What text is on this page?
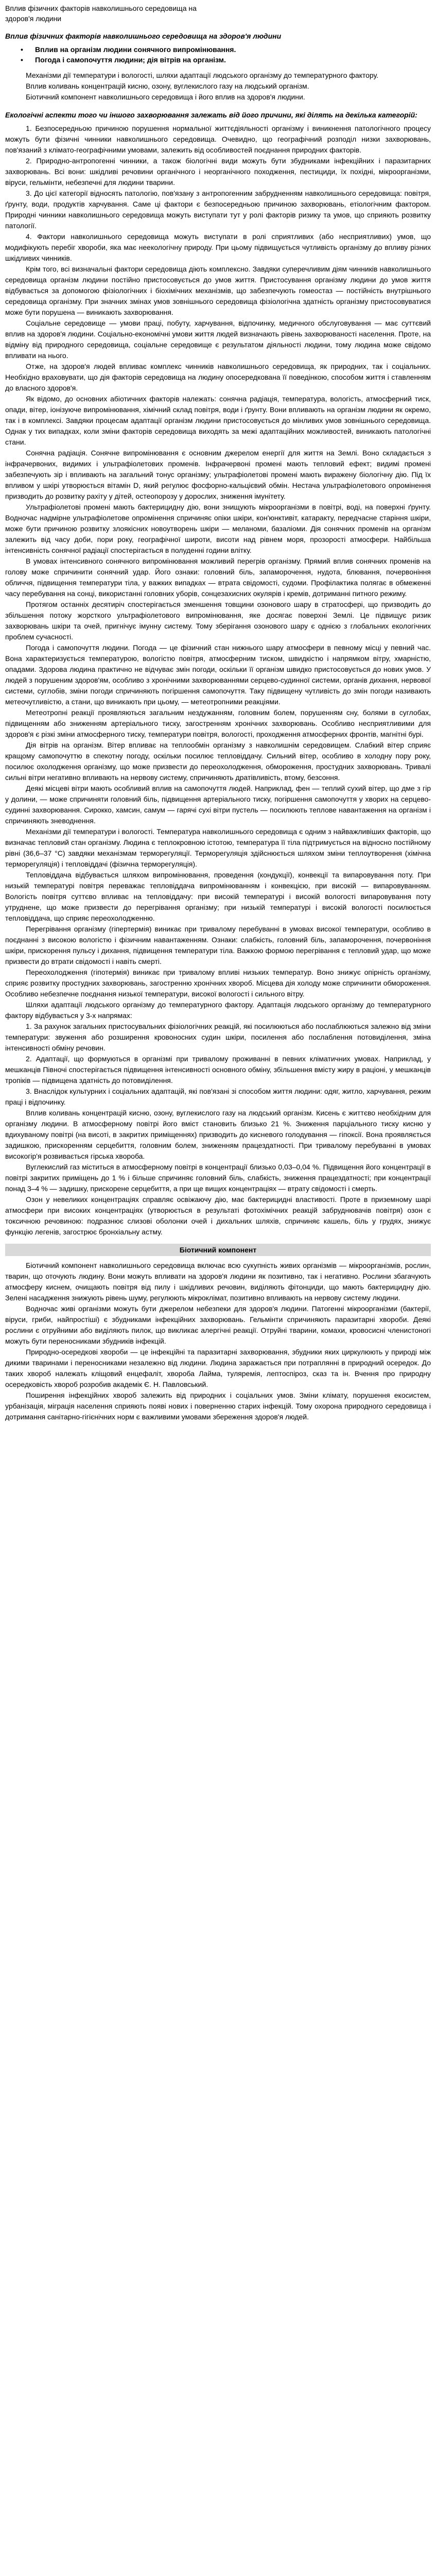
Вплив фізичних факторів навколишнього середовища на
здоров'я людини
Вплив фізичних факторів навколишнього середовища на здоров'я людини
• Вплив на організм людини сонячного випромінювання.
• Погода і самопочуття людини; дія вітрів на організм.

Механізми дії температури і вологості, шляхи адаптації людського організму до температурного фактору.

Вплив коливань концентрацій кисню, озону, вуглекислого газу на людський організм.

Біотичний компонент навколишнього середовища і його вплив на здоров'я людини.

Екологічні аспекти того чи іншого захворювання залежать від його причини, які ділять на декілька категорій:

1. Безпосередньою причиною порушення нормальної життєдіяльності організму і виникнення патологічного процесу можуть бути фізичні чинники навколишнього середовища. Очевидно, що географічний розподіл низки захворювань, пов'язаний з клімато-географічними умовами, залежить від особливостей поєднання природних факторів.

2. Природно-антропогенні чинники, а також біологічні види можуть бути збудниками інфекційних і паразитарних захворювань. Всі вони: шкідливі речовини органічного і неорганічного походження, пестициди, їх похідні, мікроорганізми, віруси, гельмінти, небезпечні для людини тварини.

3. До цієї категорії відносять патологію, пов'язану з антропогенним забрудненням навколишнього середовища: повітря, ґрунту, води, продуктів харчування. Саме ці фактори є безпосередньою причиною захворювань, етіологічним фактором. Природні чинники навколишнього середовища можуть виступати тут у ролі факторів ризику та умов, що сприяють розвитку патології.

4. Фактори навколишнього середовища можуть виступати в ролі сприятливих (або несприятливих) умов, що модифікують перебіг хвороби, яка має неекологічну природу. При цьому підвищується чутливість організму до впливу різних шкідливих чинників.

Крім того, всі визначальні фактори середовища діють комплексно. Завдяки суперечливим діям чинників навколишнього середовища організм людини постійно пристосовується до умов життя. Пристосування організму людини до умов життя відбувається за допомогою фізіологічних і біохімічних механізмів, що забезпечують гомеостаз — постійність внутрішнього середовища організму. При значних змінах умов зовнішнього середовища фізіологічна здатність організму пристосовуватися може бути порушена — виникають захворювання.

Соціальне середовище — умови праці, побуту, харчування, відпочинку, медичного обслуговування — має суттєвий вплив на здоров'я людини. Соціально-економічні умови життя людей визначають рівень захворюваності населення. Проте, на відміну від природного середовища, соціальне середовище є результатом діяльності людини, тому людина може свідомо впливати на нього.

Отже, на здоров'я людей впливає комплекс чинників навколишнього середовища, як природних, так і соціальних. Необхідно враховувати, що дія факторів середовища на людину опосередкована її поведінкою, способом життя і ставленням до власного здоров'я.

Як відомо, до основних абіотичних факторів належать: сонячна радіація, температура, вологість, атмосферний тиск, опади, вітер, іонізуюче випромінювання, хімічний склад повітря, води і ґрунту. Вони впливають на організм людини як окремо, так і в комплексі. Завдяки процесам адаптації організм людини пристосовується до мінливих умов зовнішнього середовища. Однак у тих випадках, коли зміни факторів середовища виходять за межі адаптаційних можливостей, виникають патологічні стани.

Сонячна радіація. Сонячне випромінювання є основним джерелом енергії для життя на Землі. Воно складається з інфрачервоних, видимих і ультрафіолетових променів. Інфрачервоні промені мають тепловий ефект; видимі промені забезпечують зір і впливають на загальний тонус організму; ультрафіолетові промені мають виражену біологічну дію. Під їх впливом у шкірі утворюється вітамін D, який регулює фосфорно-кальцієвий обмін. Нестача ультрафіолетового опромінення призводить до розвитку рахіту у дітей, остеопорозу у дорослих, зниження імунітету.

Ультрафіолетові промені мають бактерицидну дію, вони знищують мікроорганізми в повітрі, воді, на поверхні ґрунту. Водночас надмірне ультрафіолетове опромінення спричиняє опіки шкіри, кон'юнктивіт, катаракту, передчасне старіння шкіри, може бути причиною розвитку злоякісних новоутворень шкіри — меланоми, базаліоми. Дія сонячних променів на організм залежить від часу доби, пори року, географічної широти, висоти над рівнем моря, прозорості атмосфери. Найбільша інтенсивність сонячної радіації спостерігається в полуденні години влітку.

В умовах інтенсивного сонячного випромінювання можливий перегрів організму. Прямий вплив сонячних променів на голову може спричинити сонячний удар. Його ознаки: головний біль, запаморочення, нудота, блювання, почервоніння обличчя, підвищення температури тіла, у важких випадках — втрата свідомості, судоми. Профілактика полягає в обмеженні часу перебування на сонці, використанні головних уборів, сонцезахисних окулярів і кремів, дотриманні питного режиму.

Протягом останніх десятиріч спостерігається зменшення товщини озонового шару в стратосфері, що призводить до збільшення потоку жорсткого ультрафіолетового випромінювання, яке досягає поверхні Землі. Це підвищує ризик захворювань шкіри та очей, пригнічує імунну систему. Тому зберігання озонового шару є однією з глобальних екологічних проблем сучасності.

Погода і самопочуття людини. Погода — це фізичний стан нижнього шару атмосфери в певному місці у певний час. Вона характеризується температурою, вологістю повітря, атмосферним тиском, швидкістю і напрямком вітру, хмарністю, опадами. Здорова людина практично не відчуває змін погоди, оскільки її організм швидко пристосовується до нових умов. У людей з порушеним здоров'ям, особливо з хронічними захворюваннями серцево-судинної системи, органів дихання, нервової системи, суглобів, зміни погоди спричиняють погіршення самопочуття. Таку підвищену чутливість до змін погоди називають метеочутливістю, а стани, що виникають при цьому, — метеотропними реакціями.

Метеотропні реакції проявляються загальним нездужанням, головним болем, порушенням сну, болями в суглобах, підвищенням або зниженням артеріального тиску, загостренням хронічних захворювань. Особливо несприятливими для здоров'я є різкі зміни атмосферного тиску, температури повітря, вологості, проходження атмосферних фронтів, магнітні бурі.

Дія вітрів на організм. Вітер впливає на теплообмін організму з навколишнім середовищем. Слабкий вітер сприяє кращому самопочуттю в спекотну погоду, оскільки посилює тепловіддачу. Сильний вітер, особливо в холодну пору року, посилює охолодження організму, що може призвести до переохолодження, обмороження, простудних захворювань. Тривалі сильні вітри негативно впливають на нервову систему, спричиняють дратівливість, втому, безсоння.

Деякі місцеві вітри мають особливий вплив на самопочуття людей. Наприклад, фен — теплий сухий вітер, що дме з гір у долини, — може спричиняти головний біль, підвищення артеріального тиску, погіршення самопочуття у хворих на серцево-судинні захворювання. Сирокко, хамсин, самум — гарячі сухі вітри пустель — посилюють теплове навантаження на організм і спричиняють зневоднення.

Механізми дії температури і вологості. Температура навколишнього середовища є одним з найважливіших факторів, що визначає тепловий стан організму. Людина є теплокровною істотою, температура її тіла підтримується на відносно постійному рівні (36,6–37 °С) завдяки механізмам терморегуляції. Терморегуляція здійснюється шляхом зміни теплоутворення (хімічна терморегуляція) і тепловіддачі (фізична терморегуляція).

Тепловіддача відбувається шляхом випромінювання, проведення (кондукції), конвекції та випаровування поту. При низькій температурі повітря переважає тепловіддача випромінюванням і конвекцією, при високій — випаровуванням. Вологість повітря суттєво впливає на тепловіддачу: при високій температурі і високій вологості випаровування поту утруднене, що може призвести до перегрівання організму; при низькій температурі і високій вологості посилюється тепловіддача, що сприяє переохолодженню.

Перегрівання організму (гіпертермія) виникає при тривалому перебуванні в умовах високої температури, особливо в поєднанні з високою вологістю і фізичним навантаженням. Ознаки: слабкість, головний біль, запаморочення, почервоніння шкіри, прискорення пульсу і дихання, підвищення температури тіла. Важкою формою перегрівання є тепловий удар, що може призвести до втрати свідомості і навіть смерті.

Переохолодження (гіпотермія) виникає при тривалому впливі низьких температур. Воно знижує опірність організму, сприяє розвитку простудних захворювань, загостренню хронічних хвороб. Місцева дія холоду може спричинити обмороження. Особливо небезпечне поєднання низької температури, високої вологості і сильного вітру.

Шляхи адаптації людського організму до температурного фактору. Адаптація людського організму до температурного фактору відбувається у 3-х напрямах:

1. За рахунок загальних пристосувальних фізіологічних реакцій, які посилюються або послаблюються залежно від зміни температури: звуження або розширення кровоносних судин шкіри, посилення або послаблення потовиділення, зміна інтенсивності обміну речовин.

2. Адаптації, що формуються в організмі при тривалому проживанні в певних кліматичних умовах. Наприклад, у мешканців Півночі спостерігається підвищення інтенсивності основного обміну, збільшення вмісту жиру в раціоні, у мешканців тропіків — підвищена здатність до потовиділення.

3. Внаслідок культурних і соціальних адаптацій, які пов'язані зі способом життя людини: одяг, житло, харчування, режим праці і відпочинку.

Вплив коливань концентрацій кисню, озону, вуглекислого газу на людський організм. Кисень є життєво необхідним для організму людини. В атмосферному повітрі його вміст становить близько 21 %. Зниження парціального тиску кисню у вдихуваному повітрі (на висоті, в закритих приміщеннях) призводить до кисневого голодування — гіпоксії. Вона проявляється задишкою, прискоренням серцебиття, головним болем, зниженням працездатності. При тривалому перебуванні в умовах високогір'я розвивається гірська хвороба.

Вуглекислий газ міститься в атмосферному повітрі в концентрації близько 0,03–0,04 %. Підвищення його концентрації в повітрі закритих приміщень до 1 % і більше спричиняє головний біль, слабкість, зниження працездатності; при концентрації понад 3–4 % — задишку, прискорене серцебиття, а при ще вищих концентраціях — втрату свідомості і смерть.

Озон у невеликих концентраціях справляє освіжаючу дію, має бактерицидні властивості. Проте в приземному шарі атмосфери при високих концентраціях (утворюється в результаті фотохімічних реакцій забруднювачів повітря) озон є токсичною речовиною: подразнює слизові оболонки очей і дихальних шляхів, спричиняє кашель, біль у грудях, знижує функцію легенів, загострює бронхіальну астму.

Біотичний компонент

Біотичний компонент навколишнього середовища включає всю сукупність живих організмів — мікроорганізмів, рослин, тварин, що оточують людину. Вони можуть впливати на здоров'я людини як позитивно, так і негативно. Рослини збагачують атмосферу киснем, очищають повітря від пилу і шкідливих речовин, виділяють фітонциди, що мають бактерицидну дію. Зелені насадження знижують рівень шуму, регулюють мікроклімат, позитивно впливають на нервову систему людини.

Водночас живі організми можуть бути джерелом небезпеки для здоров'я людини. Патогенні мікроорганізми (бактерії, віруси, гриби, найпростіші) є збудниками інфекційних захворювань. Гельмінти спричиняють паразитарні хвороби. Деякі рослини є отруйними або виділяють пилок, що викликає алергічні реакції. Отруйні тварини, комахи, кровосисні членистоногі можуть бути переносниками збудників інфекцій.

Природно-осередкові хвороби — це інфекційні та паразитарні захворювання, збудники яких циркулюють у природі між дикими тваринами і переносниками незалежно від людини. Людина заражається при потраплянні в природний осередок. До таких хвороб належать кліщовий енцефаліт, хвороба Лайма, туляремія, лептоспіроз, сказ та ін. Вчення про природну осередковість хвороб розробив академік Є. Н. Павловський.

Поширення інфекційних хвороб залежить від природних і соціальних умов. Зміни клімату, порушення екосистем, урбанізація, міграція населення сприяють появі нових і поверненню старих інфекцій. Тому охорона природного середовища і дотримання санітарно-гігієнічних норм є важливими умовами збереження здоров'я людей.
